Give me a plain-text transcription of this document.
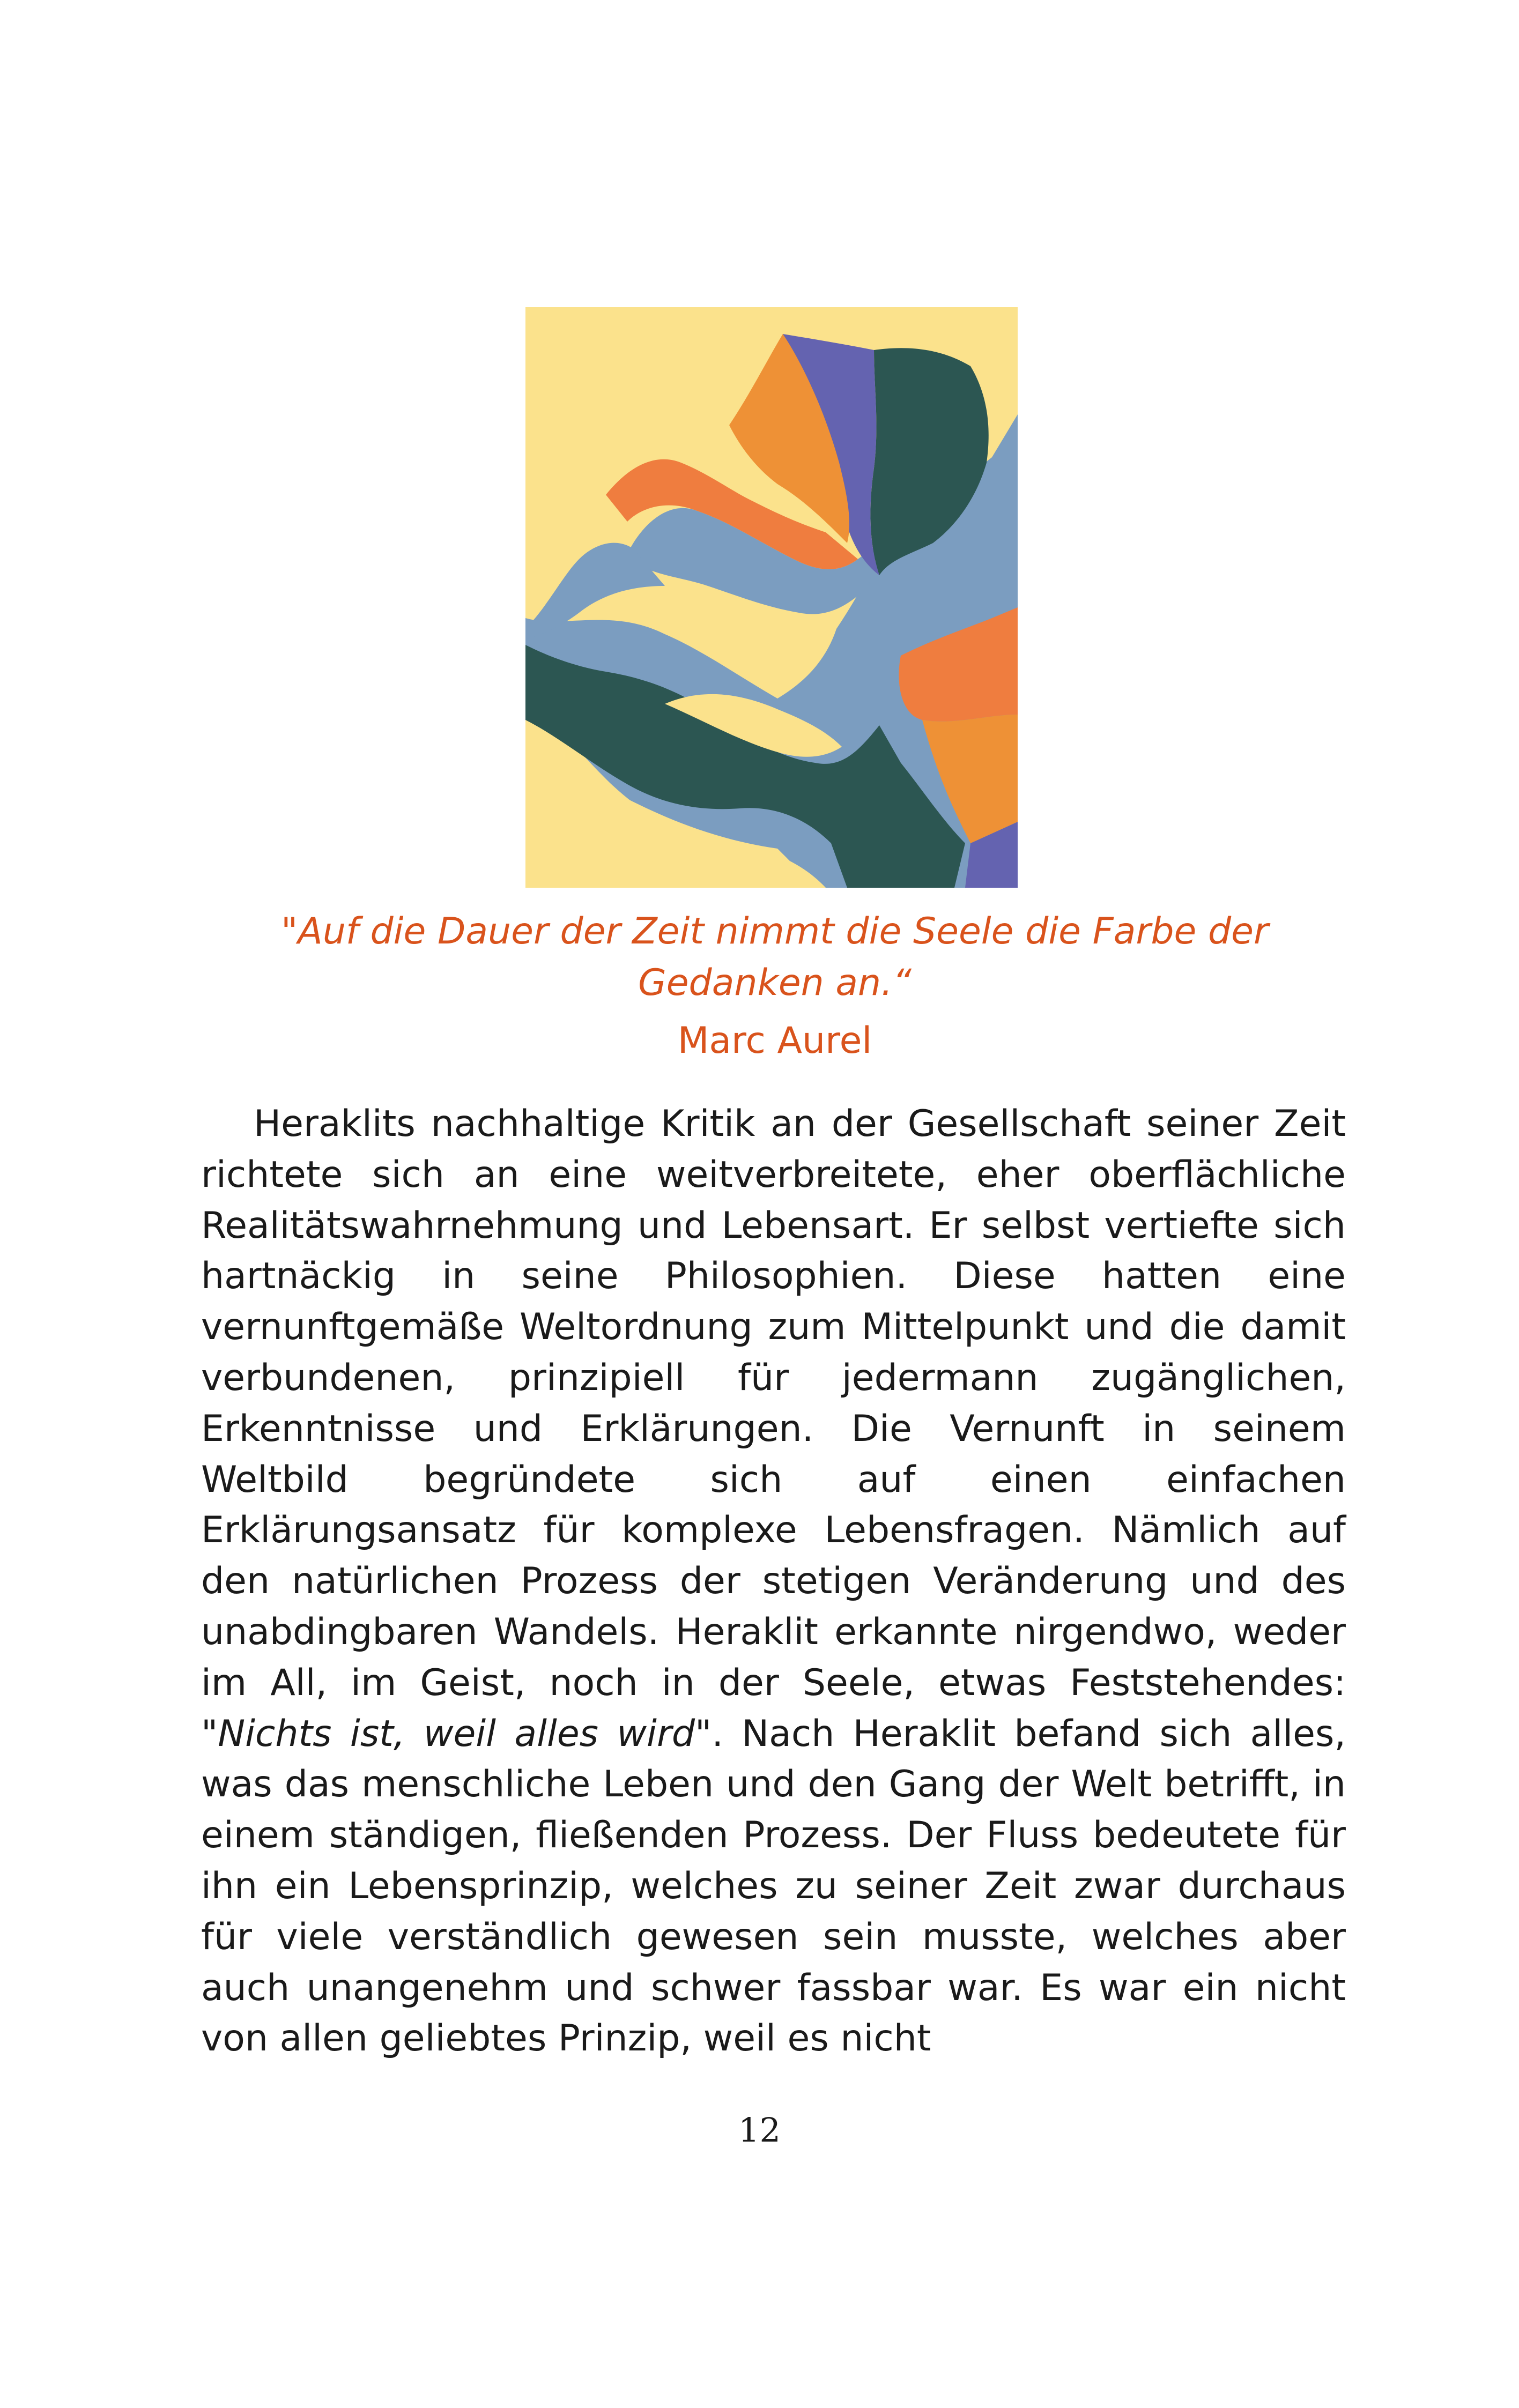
"Auf die Dauer der Zeit nimmt die Seele die Farbe der Gedanken an.“
Marc Aurel

Heraklits nachhaltige Kritik an der Gesellschaft seiner Zeit richtete sich an eine weitverbreitete, eher oberflächliche Realitätswahrnehmung und Lebensart. Er selbst vertiefte sich hartnäckig in seine Philosophien. Diese hatten eine vernunftgemäße Weltordnung zum Mittelpunkt und die damit verbundenen, prinzipiell für jedermann zugänglichen, Erkenntnisse und Erklärungen. Die Vernunft in seinem Weltbild begründete sich auf einen einfachen Erklärungsansatz für komplexe Lebensfragen. Nämlich auf den natürlichen Prozess der stetigen Veränderung und des unabdingbaren Wandels. Heraklit erkannte nirgendwo, weder im All, im Geist, noch in der Seele, etwas Feststehendes: "Nichts ist, weil alles wird". Nach Heraklit befand sich alles, was das menschliche Leben und den Gang der Welt betrifft, in einem ständigen, fließenden Prozess. Der Fluss bedeutete für ihn ein Lebensprinzip, welches zu seiner Zeit zwar durchaus für viele verständlich gewesen sein musste, welches aber auch unangenehm und schwer fassbar war. Es war ein nicht von allen geliebtes Prinzip, weil es nicht

12
